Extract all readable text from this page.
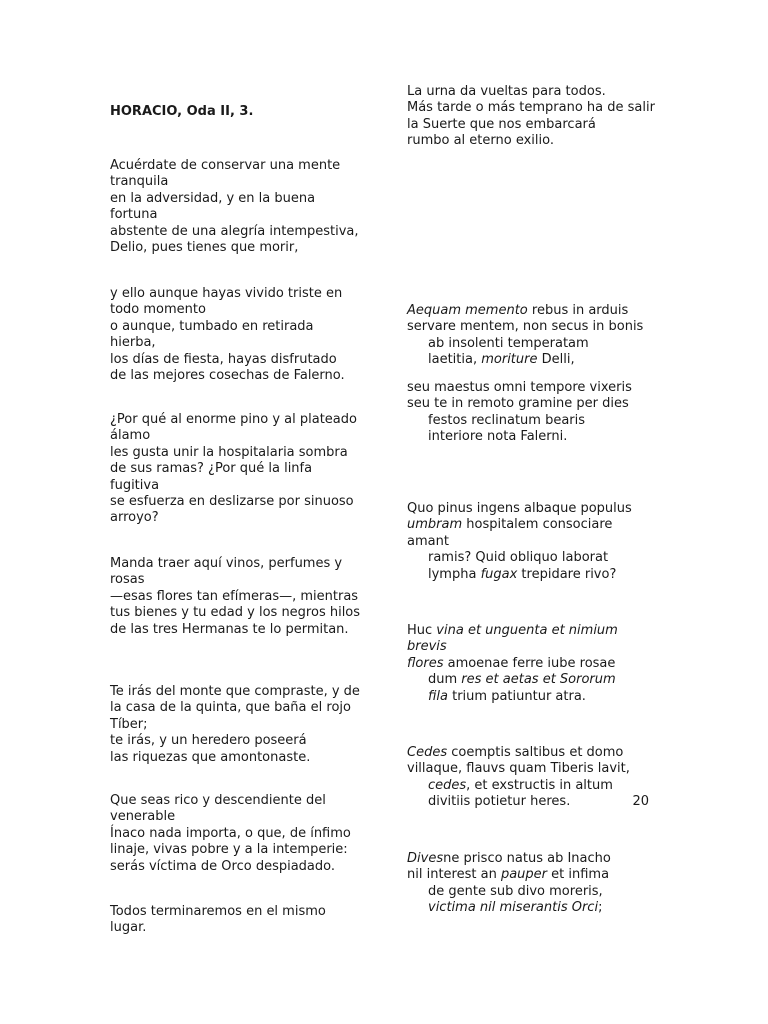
HORACIO, Oda II, 3.
Acuérdate de conservar una mente tranquila
en la adversidad, y en la buena fortuna
abstente de una alegría intempestiva,
Delio, pues tienes que morir,
y ello aunque hayas vivido triste en todo momento
o aunque, tumbado en retirada hierba,
los días de fiesta, hayas disfrutado
de las mejores cosechas de Falerno.
¿Por qué al enorme pino y al plateado álamo
les gusta unir la hospitalaria sombra
de sus ramas? ¿Por qué la linfa fugitiva
se esfuerza en deslizarse por sinuoso arroyo?
Manda traer aquí vinos, perfumes y rosas
—esas flores tan efímeras—, mientras
tus bienes y tu edad y los negros hilos
de las tres Hermanas te lo permitan.
Te irás del monte que compraste, y de
la casa de la quinta, que baña el rojo Tíber;
te irás, y un heredero poseerá
las riquezas que amontonaste.
Que seas rico y descendiente del venerable
Ínaco nada importa, o que, de ínfimo
linaje, vivas pobre y a la intemperie:
serás víctima de Orco despiadado.
Todos terminaremos en el mismo lugar.
La urna da vueltas para todos.
Más tarde o más temprano ha de salir
la Suerte que nos embarcará
rumbo al eterno exilio.
Aequam memento rebus in arduis
servare mentem, non secus in bonis
ab insolenti temperatam
laetitia, moriture Delli,
seu maestus omni tempore vixeris
seu te in remoto gramine per dies
festos reclinatum bearis
interiore nota Falerni.
Quo pinus ingens albaque populus
umbram hospitalem consociare amant
ramis? Quid obliquo laborat
lympha fugax trepidare rivo?
Huc vina et unguenta et nimium brevis
flores amoenae ferre iube rosae
dum res et aetas et Sororum
fila trium patiuntur atra.
Cedes coemptis saltibus et domo
villaque, flauvs quam Tiberis lavit,
cedes, et exstructis in altum
divitiis potietur heres.	20
Divesne prisco natus ab Inacho
nil interest an pauper et infima
de gente sub divo moreris,
victima nil miserantis Orci;
